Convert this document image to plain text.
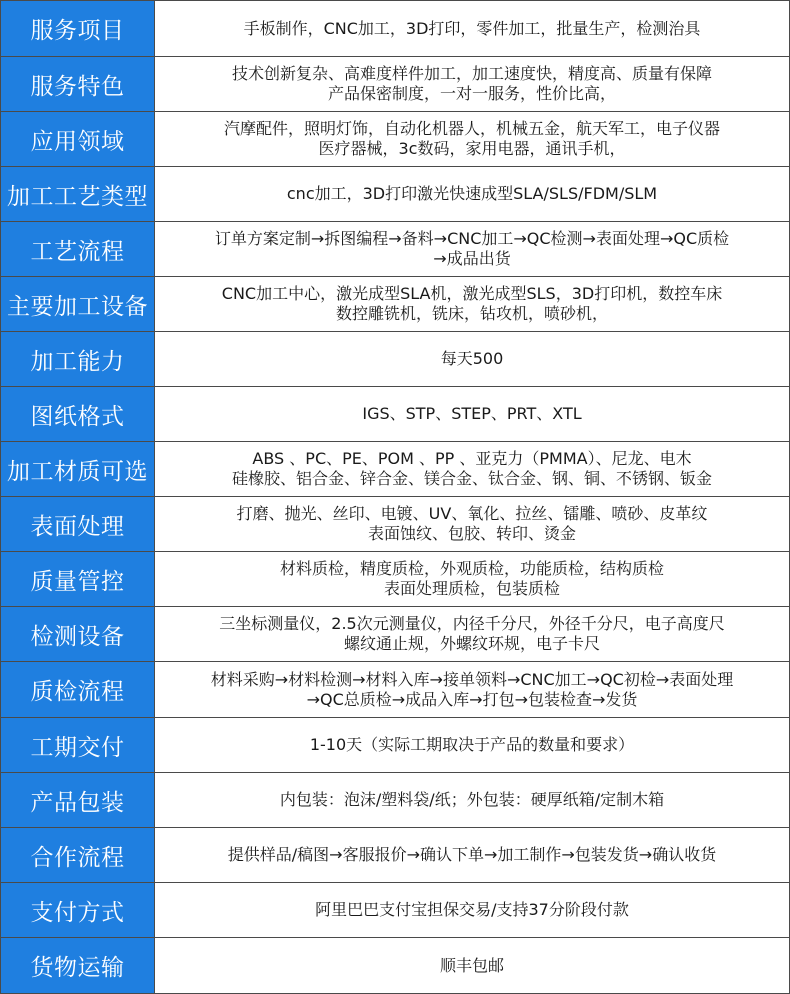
服务项目	手板制作，CNC加工，3D打印，零件加工，批量生产，检测治具

服务特色	技术创新复杂、高难度样件加工，加工速度快，精度高、质量有保障
产品保密制度，一对一服务，性价比高，

应用领域	汽摩配件，照明灯饰，自动化机器人，机械五金，航天军工，电子仪器
医疗器械，3c数码，家用电器，通讯手机，

加工工艺类型	cnc加工，3D打印激光快速成型SLA/SLS/FDM/SLM

工艺流程	订单方案定制→拆图编程→备料→CNC加工→QC检测→表面处理→QC质检
→成品出货

主要加工设备	CNC加工中心，激光成型SLA机，激光成型SLS，3D打印机，数控车床
数控雕铣机，铣床，钻攻机，喷砂机，

加工能力	每天500

图纸格式	IGS、STP、STEP、PRT、XTL

加工材质可选	ABS 、PC、PE、POM 、PP 、亚克力（PMMA）、尼龙、电木
硅橡胶、铝合金、锌合金、镁合金、钛合金、钢、铜、不锈钢、钣金

表面处理	打磨、抛光、丝印、电镀、UV、氧化、拉丝、镭雕、喷砂、皮革纹
表面蚀纹、包胶、转印、烫金

质量管控	材料质检，精度质检，外观质检，功能质检，结构质检
表面处理质检，包装质检

检测设备	三坐标测量仪，2.5次元测量仪，内径千分尺，外径千分尺，电子高度尺
螺纹通止规，外螺纹环规，电子卡尺

质检流程	材料采购→材料检测→材料入库→接单领料→CNC加工→QC初检→表面处理
→QC总质检→成品入库→打包→包装检查→发货

工期交付	1-10天（实际工期取决于产品的数量和要求）

产品包装	内包装：泡沫/塑料袋/纸；外包装：硬厚纸箱/定制木箱

合作流程	提供样品/稿图→客服报价→确认下单→加工制作→包装发货→确认收货

支付方式	阿里巴巴支付宝担保交易/支持37分阶段付款

货物运输	顺丰包邮
